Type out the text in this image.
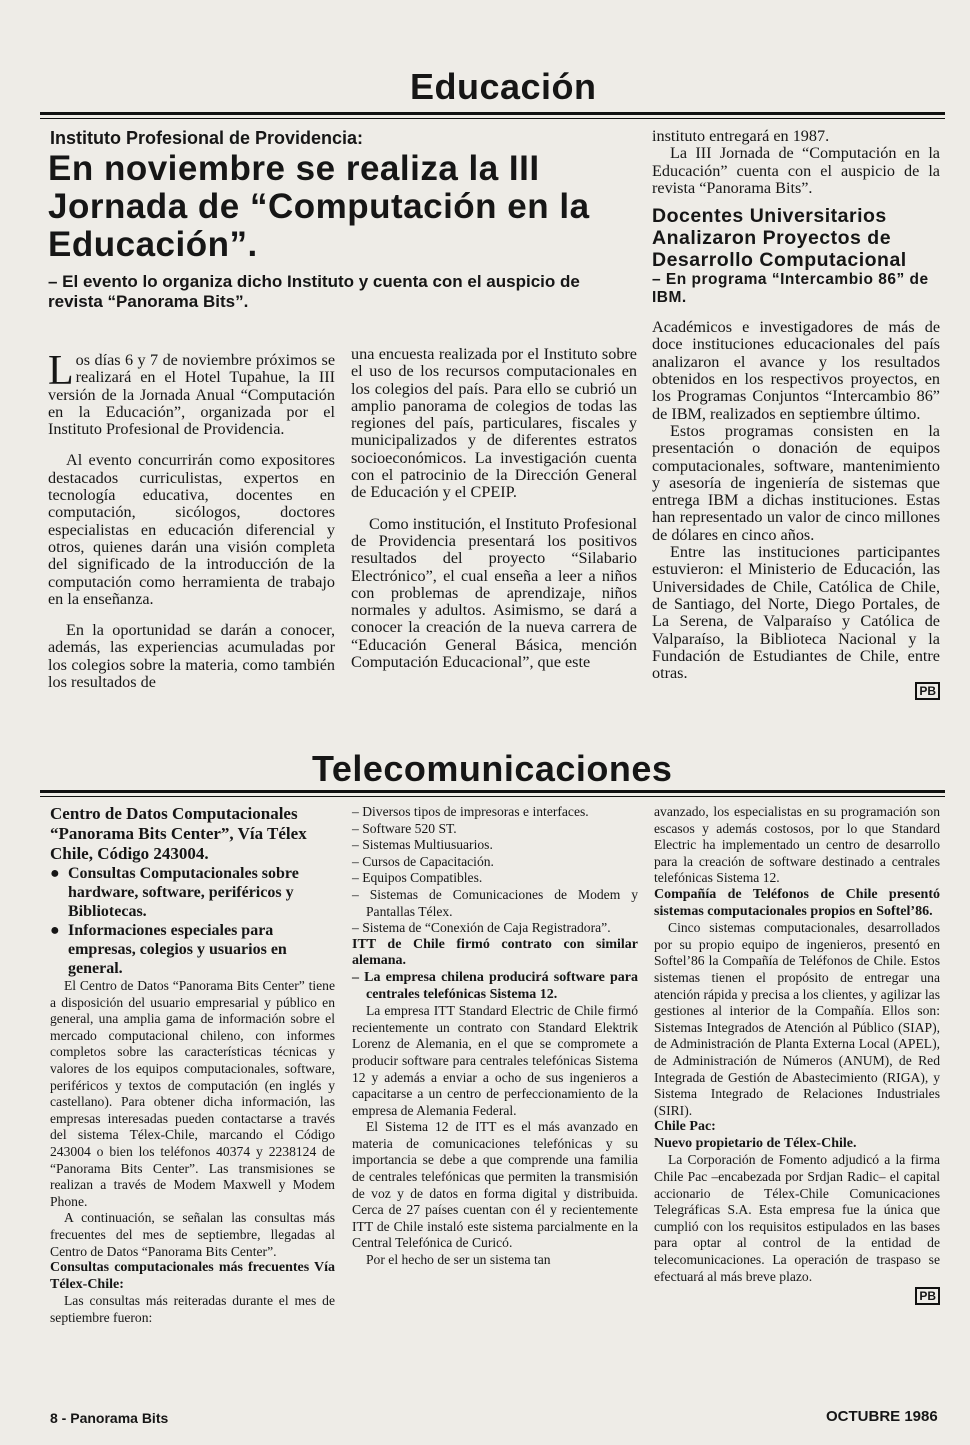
Educación
Instituto Profesional de Providencia:
En noviembre se realiza la III Jornada de “Computación en la Educación”.
– El evento lo organiza dicho Instituto y cuenta con el auspicio de revista “Panorama Bits”.

Los días 6 y 7 de noviembre próximos se realizará en el Hotel Tupahue, la III versión de la Jornada Anual “Computación en la Educación”, organizada por el Instituto Profesional de Providencia.

Al evento concurrirán como expositores destacados curriculistas, expertos en tecnología educativa, docentes en computación, sicólogos, doctores especialistas en educación diferencial y otros, quienes darán una visión completa del significado de la introducción de la computación como herramienta de trabajo en la enseñanza.

En la oportunidad se darán a conocer, además, las experiencias acumuladas por los colegios sobre la materia, como también los resultados de

una encuesta realizada por el Instituto sobre el uso de los recursos computacionales en los colegios del país. Para ello se cubrió un amplio panorama de colegios de todas las regiones del país, particulares, fiscales y municipalizados y de diferentes estratos socioeconómicos. La investigación cuenta con el patrocinio de la Dirección General de Educación y el CPEIP.

Como institución, el Instituto Profesional de Providencia presentará los positivos resultados del proyecto “Silabario Electrónico”, el cual enseña a leer a niños con problemas de aprendizaje, niños normales y adultos. Asimismo, se dará a conocer la creación de la nueva carrera de “Educación General Básica, mención Computación Educacional”, que este

instituto entregará en 1987.

La III Jornada de “Computación en la Educación” cuenta con el auspicio de la revista “Panorama Bits”.

Docentes Universitarios Analizaron Proyectos de Desarrollo Computacional
– En programa “Intercambio 86” de IBM.

Académicos e investigadores de más de doce instituciones educacionales del país analizaron el avance y los resultados obtenidos en los respectivos proyectos, en los Programas Conjuntos “Intercambio 86” de IBM, realizados en septiembre último.

Estos programas consisten en la presentación o donación de equipos computacionales, software, mantenimiento y asesoría de ingeniería de sistemas que entrega IBM a dichas instituciones. Estas han representado un valor de cinco millones de dólares en cinco años.

Entre las instituciones participantes estuvieron: el Ministerio de Educación, las Universidades de Chile, Católica de Chile, de Santiago, del Norte, Diego Portales, de La Serena, de Valparaíso y Católica de Valparaíso, la Biblioteca Nacional y la Fundación de Estudiantes de Chile, entre otras.

PB
Telecomunicaciones
Centro de Datos Computacionales “Panorama Bits Center”, Vía Télex Chile, Código 243004.
● Consultas Computacionales sobre hardware, software, periféricos y Bibliotecas.
● Informaciones especiales para empresas, colegios y usuarios en general.

El Centro de Datos “Panorama Bits Center” tiene a disposición del usuario empresarial y público en general, una amplia gama de información sobre el mercado computacional chileno, con informes completos sobre las características técnicas y valores de los equipos computacionales, software, periféricos y textos de computación (en inglés y castellano). Para obtener dicha información, las empresas interesadas pueden contactarse a través del sistema Télex-Chile, marcando el Código 243004 o bien los teléfonos 40374 y 2238124 de “Panorama Bits Center”. Las transmisiones se realizan a través de Modem Maxwell y Modem Phone.

A continuación, se señalan las consultas más frecuentes del mes de septiembre, llegadas al Centro de Datos “Panorama Bits Center”.

Consultas computacionales más frecuentes Vía Télex-Chile:

Las consultas más reiteradas durante el mes de septiembre fueron:

– Diversos tipos de impresoras e interfaces.
– Software 520 ST.
– Sistemas Multiusuarios.
– Cursos de Capacitación.
– Equipos Compatibles.
– Sistemas de Comunicaciones de Modem y Pantallas Télex.
– Sistema de “Conexión de Caja Registradora”.
ITT de Chile firmó contrato con similar alemana.
– La empresa chilena producirá software para centrales telefónicas Sistema 12.

La empresa ITT Standard Electric de Chile firmó recientemente un contrato con Standard Elektrik Lorenz de Alemania, en el que se compromete a producir software para centrales telefónicas Sistema 12 y además a enviar a ocho de sus ingenieros a capacitarse a un centro de perfeccionamiento de la empresa de Alemania Federal.

El Sistema 12 de ITT es el más avanzado en materia de comunicaciones telefónicas y su importancia se debe a que comprende una familia de centrales telefónicas que permiten la transmisión de voz y de datos en forma digital y distribuida. Cerca de 27 países cuentan con él y recientemente ITT de Chile instaló este sistema parcialmente en la Central Telefónica de Curicó.

Por el hecho de ser un sistema tan

avanzado, los especialistas en su programación son escasos y además costosos, por lo que Standard Electric ha implementado un centro de desarrollo para la creación de software destinado a centrales telefónicas Sistema 12.

Compañía de Teléfonos de Chile presentó sistemas computacionales propios en Softel’86.

Cinco sistemas computacionales, desarrollados por su propio equipo de ingenieros, presentó en Softel’86 la Compañía de Teléfonos de Chile. Estos sistemas tienen el propósito de entregar una atención rápida y precisa a los clientes, y agilizar las gestiones al interior de la Compañía. Ellos son: Sistemas Integrados de Atención al Público (SIAP), de Administración de Planta Externa Local (APEL), de Administración de Números (ANUM), de Red Integrada de Gestión de Abastecimiento (RIGA), y Sistema Integrado de Relaciones Industriales (SIRI).

Chile Pac:
Nuevo propietario de Télex-Chile.

La Corporación de Fomento adjudicó a la firma Chile Pac –encabezada por Srdjan Radic– el capital accionario de Télex-Chile Comunicaciones Telegráficas S.A. Esta empresa fue la única que cumplió con los requisitos estipulados en las bases para optar al control de la entidad de telecomunicaciones. La operación de traspaso se efectuará al más breve plazo.

PB
8 - Panorama Bits	OCTUBRE 1986
